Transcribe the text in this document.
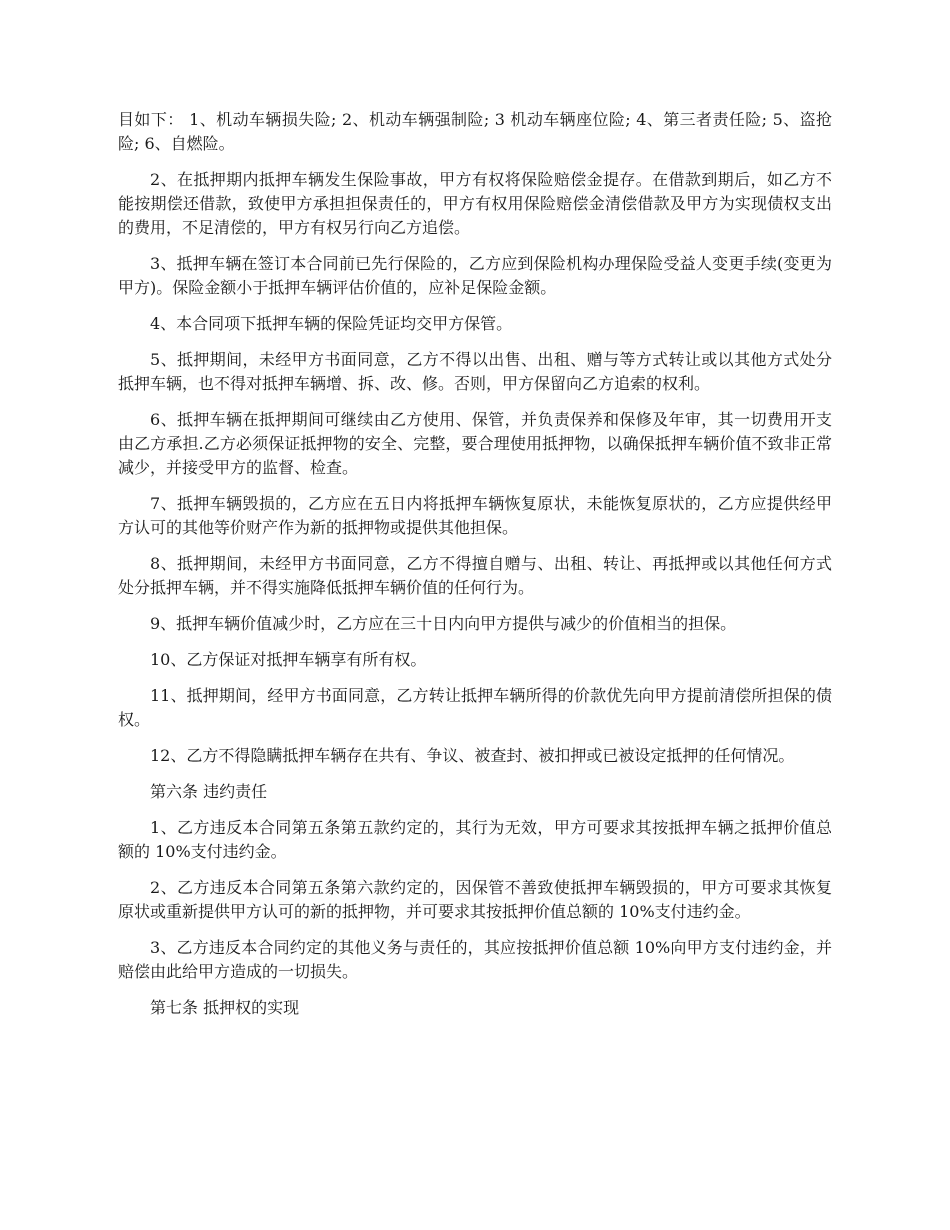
目如下： 1、机动车辆损失险; 2、机动车辆强制险; 3 机动车辆座位险; 4、第三者责任险; 5、盗抢险; 6、自燃险。

2、在抵押期内抵押车辆发生保险事故，甲方有权将保险赔偿金提存。在借款到期后，如乙方不能按期偿还借款，致使甲方承担担保责任的，甲方有权用保险赔偿金清偿借款及甲方为实现债权支出的费用，不足清偿的，甲方有权另行向乙方追偿。

3、抵押车辆在签订本合同前已先行保险的，乙方应到保险机构办理保险受益人变更手续(变更为甲方)。保险金额小于抵押车辆评估价值的，应补足保险金额。

4、本合同项下抵押车辆的保险凭证均交甲方保管。

5、抵押期间，未经甲方书面同意，乙方不得以出售、出租、赠与等方式转让或以其他方式处分抵押车辆，也不得对抵押车辆增、拆、改、修。否则，甲方保留向乙方追索的权利。

6、抵押车辆在抵押期间可继续由乙方使用、保管，并负责保养和保修及年审，其一切费用开支由乙方承担.乙方必须保证抵押物的安全、完整，要合理使用抵押物，以确保抵押车辆价值不致非正常减少，并接受甲方的监督、检查。

7、抵押车辆毁损的，乙方应在五日内将抵押车辆恢复原状，未能恢复原状的，乙方应提供经甲方认可的其他等价财产作为新的抵押物或提供其他担保。

8、抵押期间，未经甲方书面同意，乙方不得擅自赠与、出租、转让、再抵押或以其他任何方式处分抵押车辆，并不得实施降低抵押车辆价值的任何行为。

9、抵押车辆价值减少时，乙方应在三十日内向甲方提供与减少的价值相当的担保。

10、乙方保证对抵押车辆享有所有权。

11、抵押期间，经甲方书面同意，乙方转让抵押车辆所得的价款优先向甲方提前清偿所担保的债权。

12、乙方不得隐瞒抵押车辆存在共有、争议、被查封、被扣押或已被设定抵押的任何情况。

第六条 违约责任

1、乙方违反本合同第五条第五款约定的，其行为无效，甲方可要求其按抵押车辆之抵押价值总额的 10%支付违约金。

2、乙方违反本合同第五条第六款约定的，因保管不善致使抵押车辆毁损的，甲方可要求其恢复原状或重新提供甲方认可的新的抵押物，并可要求其按抵押价值总额的 10%支付违约金。

3、乙方违反本合同约定的其他义务与责任的，其应按抵押价值总额 10%向甲方支付违约金，并赔偿由此给甲方造成的一切损失。

第七条 抵押权的实现
